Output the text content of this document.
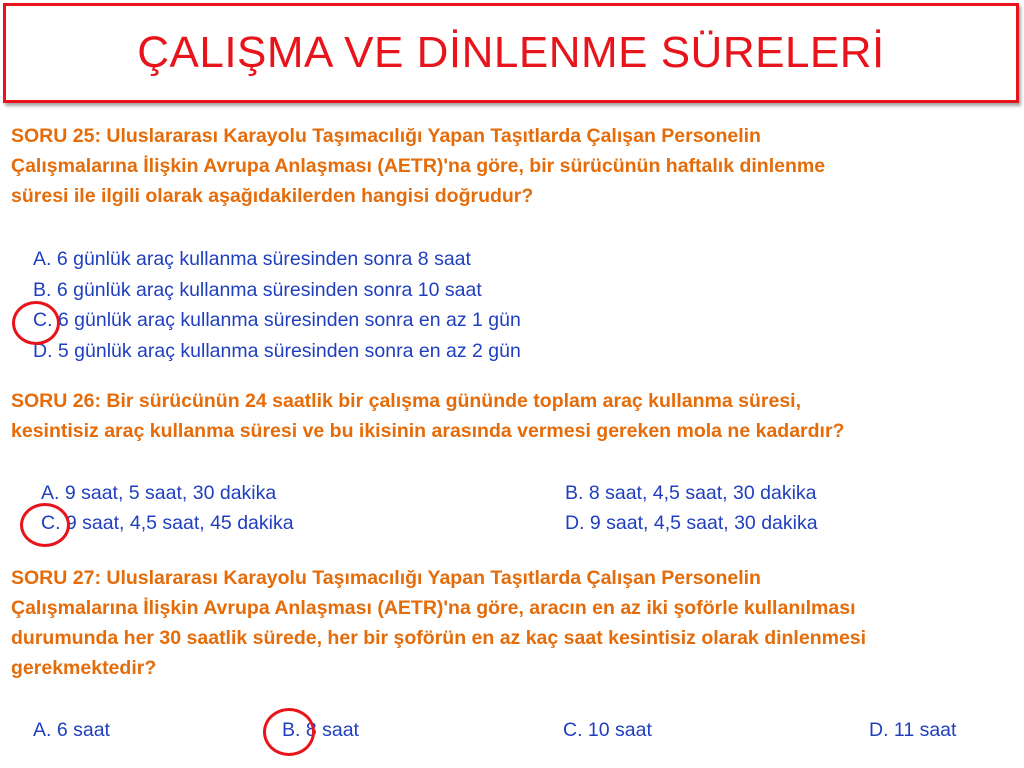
ÇALIŞMA VE DİNLENME SÜRELERİ
SORU 25: Uluslararası Karayolu Taşımacılığı Yapan Taşıtlarda Çalışan Personelin
Çalışmalarına İlişkin Avrupa Anlaşması (AETR)'na göre, bir sürücünün haftalık dinlenme
süresi ile ilgili olarak aşağıdakilerden hangisi doğrudur?
A. 6 günlük araç kullanma süresinden sonra 8 saat
B. 6 günlük araç kullanma süresinden sonra 10 saat
C. 6 günlük araç kullanma süresinden sonra en az 1 gün
D. 5 günlük araç kullanma süresinden sonra en az 2 gün
SORU 26: Bir sürücünün 24 saatlik bir çalışma gününde toplam araç kullanma süresi,
kesintisiz araç kullanma süresi ve bu ikisinin arasında vermesi gereken mola ne kadardır?
A. 9 saat, 5 saat, 30 dakika	B. 8 saat, 4,5 saat, 30 dakika
C. 9 saat, 4,5 saat, 45 dakika	D. 9 saat, 4,5 saat, 30 dakika
SORU 27: Uluslararası Karayolu Taşımacılığı Yapan Taşıtlarda Çalışan Personelin
Çalışmalarına İlişkin Avrupa Anlaşması (AETR)'na göre, aracın en az iki şoförle kullanılması
durumunda her 30 saatlik sürede, her bir şoförün en az kaç saat kesintisiz olarak dinlenmesi
gerekmektedir?
A. 6 saat	B. 8 saat	C. 10 saat	D. 11 saat
